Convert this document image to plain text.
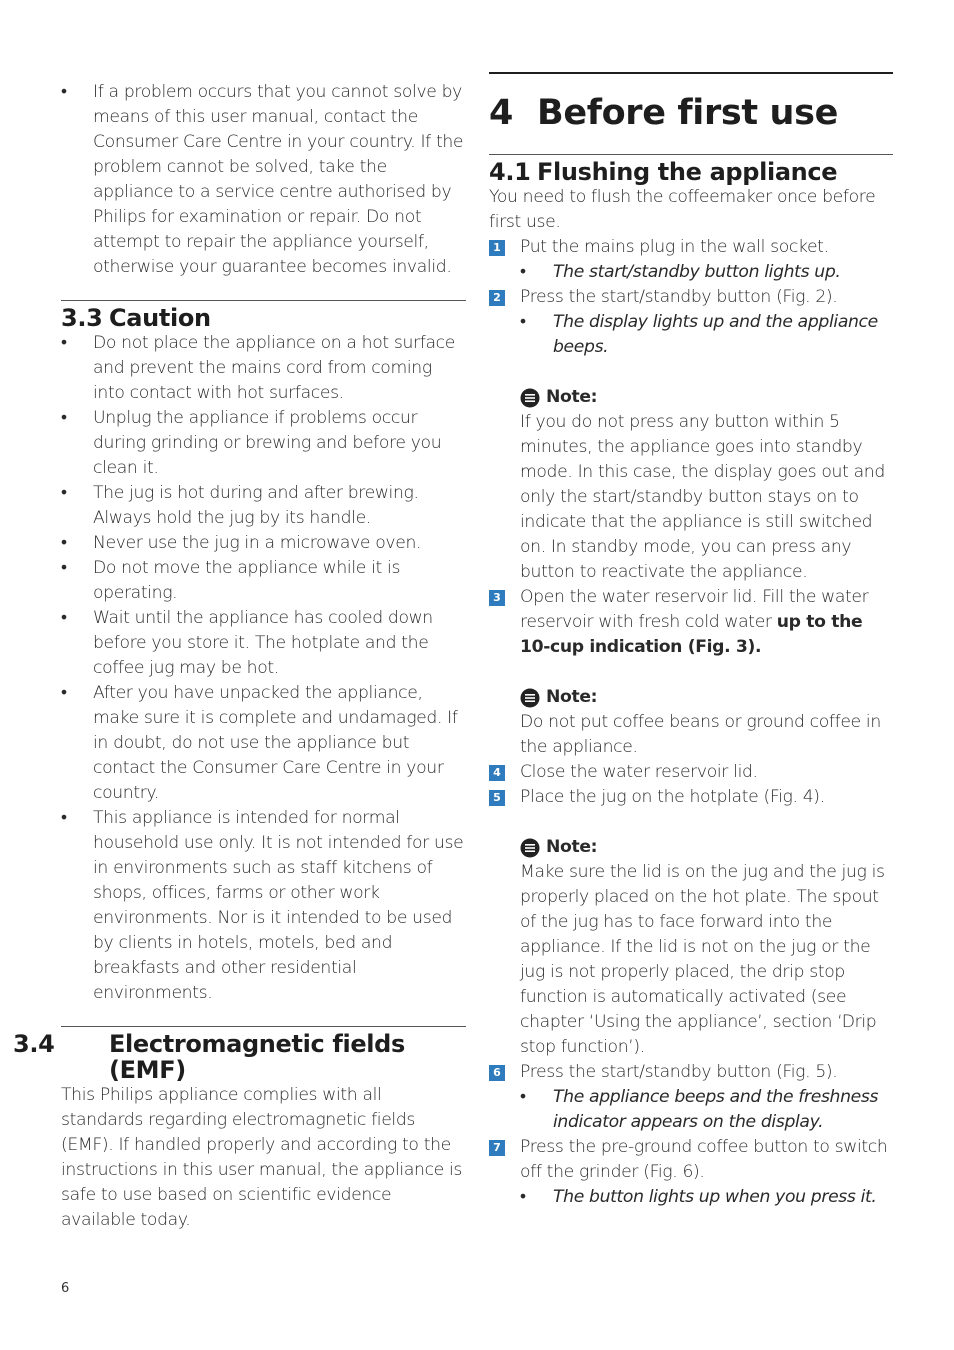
• If a problem occurs that you cannot solve by means of this user manual, contact the Consumer Care Centre in your country. If the problem cannot be solved, take the appliance to a service centre authorised by Philips for examination or repair. Do not attempt to repair the appliance yourself, otherwise your guarantee becomes invalid.

3.3 Caution

• Do not place the appliance on a hot surface and prevent the mains cord from coming into contact with hot surfaces.

• Unplug the appliance if problems occur during grinding or brewing and before you clean it.

• The jug is hot during and after brewing. Always hold the jug by its handle.

• Never use the jug in a microwave oven.

• Do not move the appliance while it is operating.

• Wait until the appliance has cooled down before you store it. The hotplate and the coffee jug may be hot.

• After you have unpacked the appliance, make sure it is complete and undamaged. If in doubt, do not use the appliance but contact the Consumer Care Centre in your country.

• This appliance is intended for normal household use only. It is not intended for use in environments such as staff kitchens of shops, offices, farms or other work environments. Nor is it intended to be used by clients in hotels, motels, bed and breakfasts and other residential environments.

3.4 Electromagnetic fields (EMF)

This Philips appliance complies with all standards regarding electromagnetic fields (EMF). If handled properly and according to the instructions in this user manual, the appliance is safe to use based on scientific evidence available today.

4 Before first use
4.1 Flushing the appliance

You need to flush the coffeemaker once before first use.

1 Put the mains plug in the wall socket.

• The start/standby button lights up.

2 Press the start/standby button (Fig. 2).

• The display lights up and the appliance beeps.

Note:

If you do not press any button within 5 minutes, the appliance goes into standby mode. In this case, the display goes out and only the start/standby button stays on to indicate that the appliance is still switched on. In standby mode, you can press any button to reactivate the appliance.

3 Open the water reservoir lid. Fill the water reservoir with fresh cold water up to the 10-cup indication (Fig. 3).

Note:

Do not put coffee beans or ground coffee in the appliance.

4 Close the water reservoir lid.

5 Place the jug on the hotplate (Fig. 4).

Note:

Make sure the lid is on the jug and the jug is properly placed on the hot plate. The spout of the jug has to face forward into the appliance. If the lid is not on the jug or the jug is not properly placed, the drip stop function is automatically activated (see chapter ‘Using the appliance’, section ‘Drip stop function’).

6 Press the start/standby button (Fig. 5).

• The appliance beeps and the freshness indicator appears on the display.

7 Press the pre-ground coffee button to switch off the grinder (Fig. 6).

• The button lights up when you press it.

6
